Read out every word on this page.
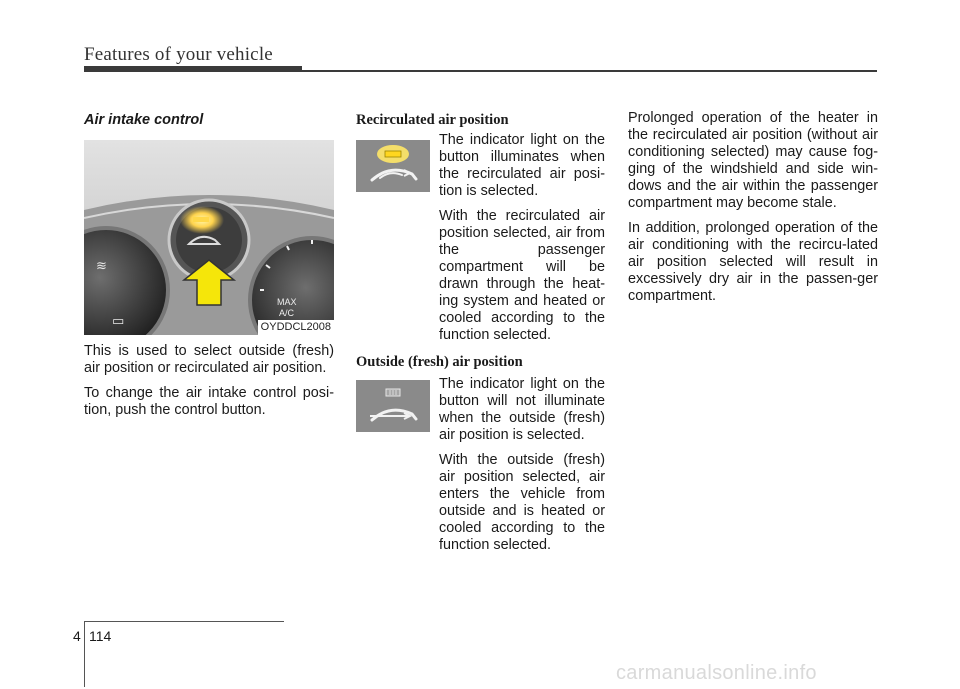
Features of your vehicle
Air intake control
≋
▭
MAX
A/C
OYDDCL2008

This is used to select outside (fresh) air position or recirculated air position.

To change the air intake control posi-tion, push the control button.

Recirculated air position

The indicator light on the button illuminates when the recirculated air posi-tion is selected.

With the recirculated air position selected, air from the passenger compartment will be drawn through the heat-ing system and heated or cooled according to the function selected.

Outside (fresh) air position

The indicator light on the button will not illuminate when the outside (fresh) air position is selected.

With the outside (fresh) air position selected, air enters the vehicle from outside and is heated or cooled according to the function selected.

Prolonged operation of the heater in the recirculated air position (without air conditioning selected) may cause fog-ging of the windshield and side win-dows and the air within the passenger compartment may become stale.

In addition, prolonged operation of the air conditioning with the recircu-lated air position selected will result in excessively dry air in the passen-ger compartment.

4 114
carmanualsonline.info
